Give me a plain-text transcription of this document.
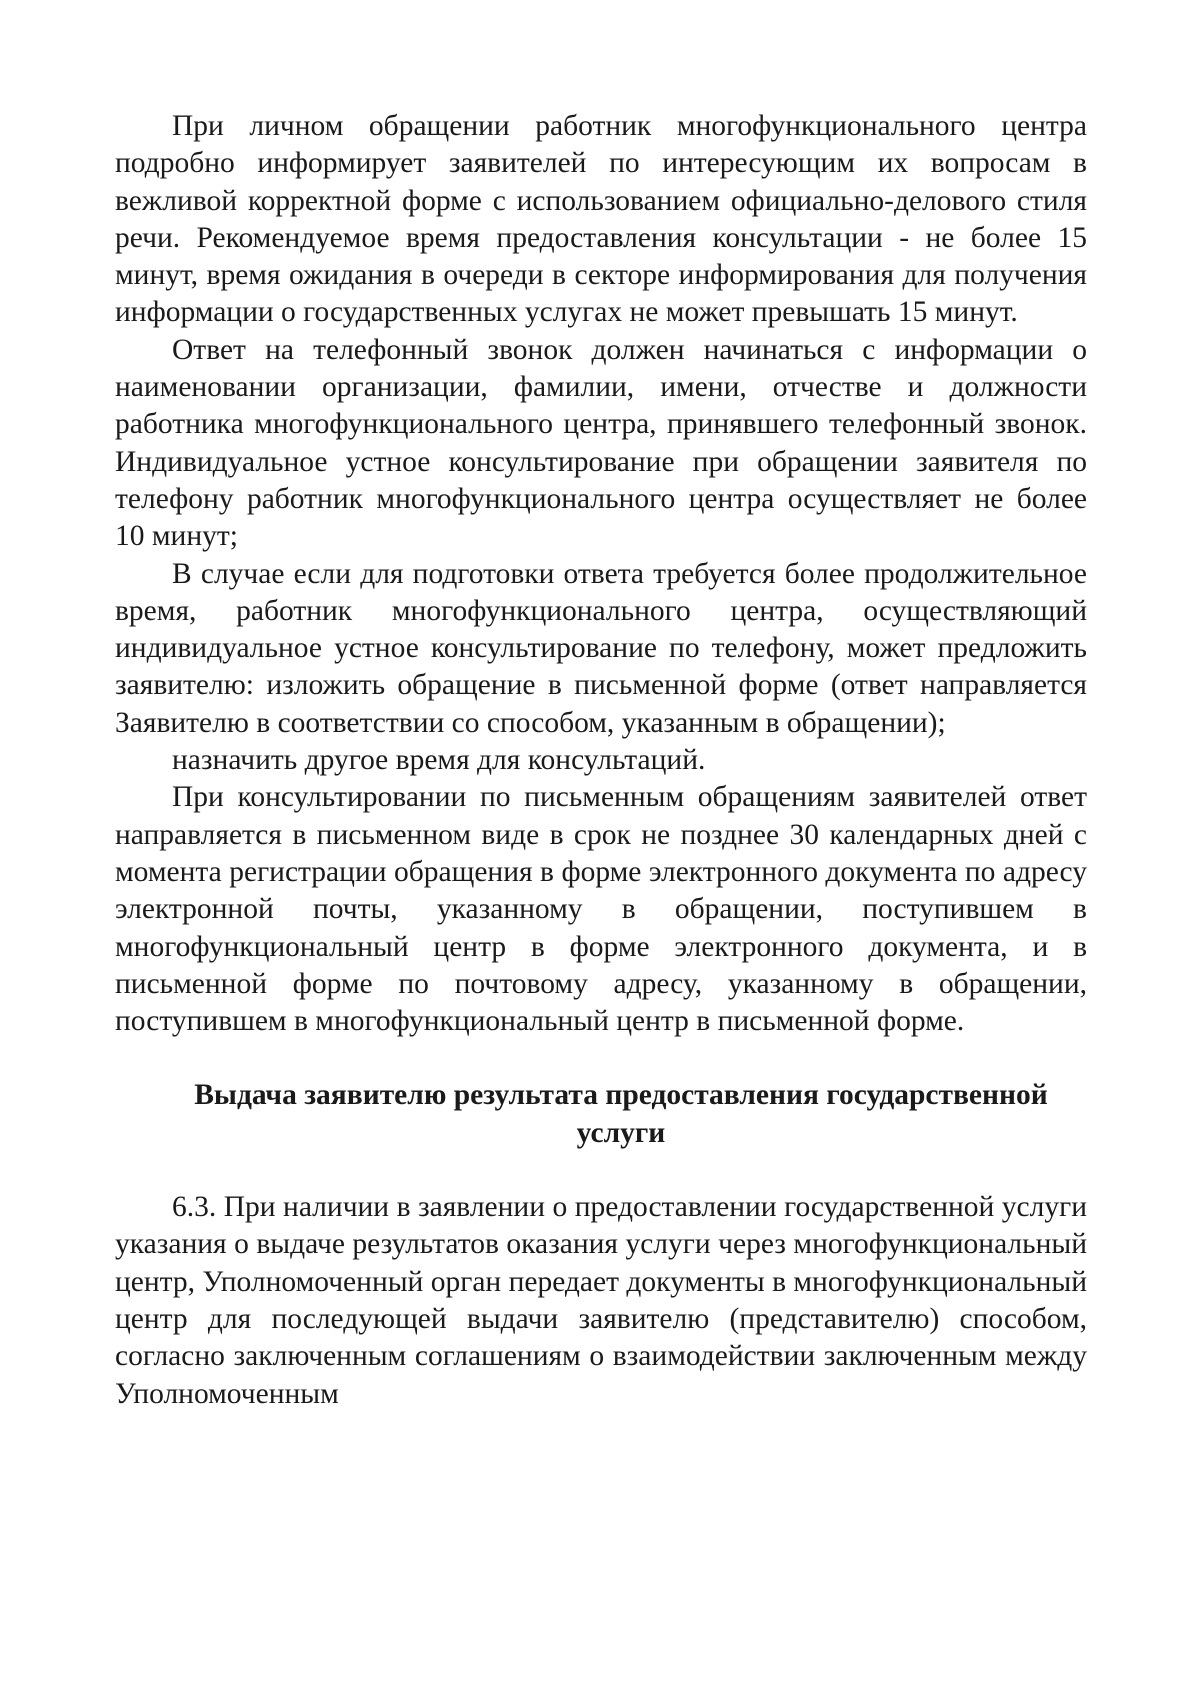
При личном обращении работник многофункционального центра подробно информирует заявителей по интересующим их вопросам в вежливой корректной форме с использованием официально-делового стиля речи. Рекомендуемое время предоставления консультации - не более 15 минут, время ожидания в очереди в секторе информирования для получения информации о государственных услугах не может превышать 15 минут.

Ответ на телефонный звонок должен начинаться с информации о наименовании организации, фамилии, имени, отчестве и должности работника многофункционального центра, принявшего телефонный звонок. Индивидуальное устное консультирование при обращении заявителя по телефону работник многофункционального центра осуществляет не более 10 минут;

В случае если для подготовки ответа требуется более продолжительное время, работник многофункционального центра, осуществляющий индивидуальное устное консультирование по телефону, может предложить заявителю: изложить обращение в письменной форме (ответ направляется Заявителю в соответствии со способом, указанным в обращении);

назначить другое время для консультаций.

При консультировании по письменным обращениям заявителей ответ направляется в письменном виде в срок не позднее 30 календарных дней с момента регистрации обращения в форме электронного документа по адресу электронной почты, указанному в обращении, поступившем в многофункциональный центр в форме электронного документа, и в письменной форме по почтовому адресу, указанному в обращении, поступившем в многофункциональный центр в письменной форме.

Выдача заявителю результата предоставления государственной услуги

6.3. При наличии в заявлении о предоставлении государственной услуги указания о выдаче результатов оказания услуги через многофункциональный центр, Уполномоченный орган передает документы в многофункциональный центр для последующей выдачи заявителю (представителю) способом, согласно заключенным соглашениям о взаимодействии заключенным между Уполномоченным
